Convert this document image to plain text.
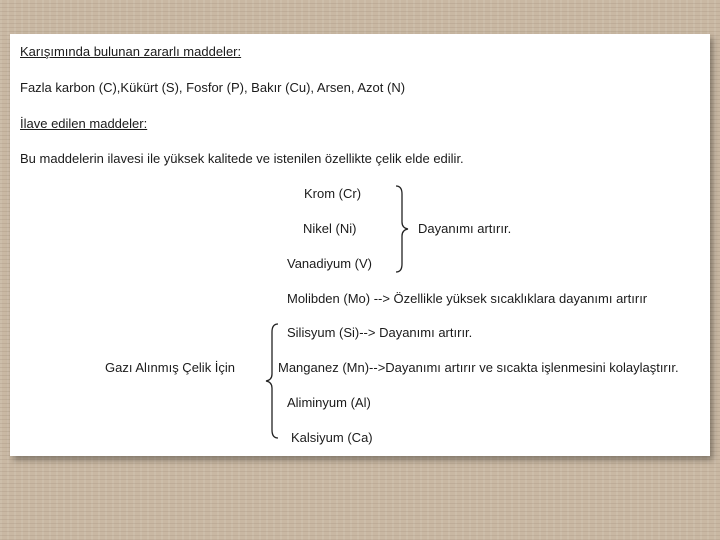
Karışımında bulunan zararlı maddeler:
Fazla karbon (C),Kükürt (S), Fosfor (P), Bakır (Cu), Arsen, Azot (N)
İlave edilen maddeler:
Bu maddelerin ilavesi ile yüksek kalitede ve istenilen özellikte çelik elde edilir.
Krom (Cr)
Nikel (Ni)
Vanadiyum (V)
Dayanımı artırır.
Molibden (Mo) --> Özellikle yüksek sıcaklıklara dayanımı artırır
Gazı Alınmış Çelik İçin
Silisyum (Si)--> Dayanımı artırır.
Manganez (Mn)-->Dayanımı artırır ve sıcakta işlenmesini kolaylaştırır.
Aliminyum (Al)
Kalsiyum (Ca)
